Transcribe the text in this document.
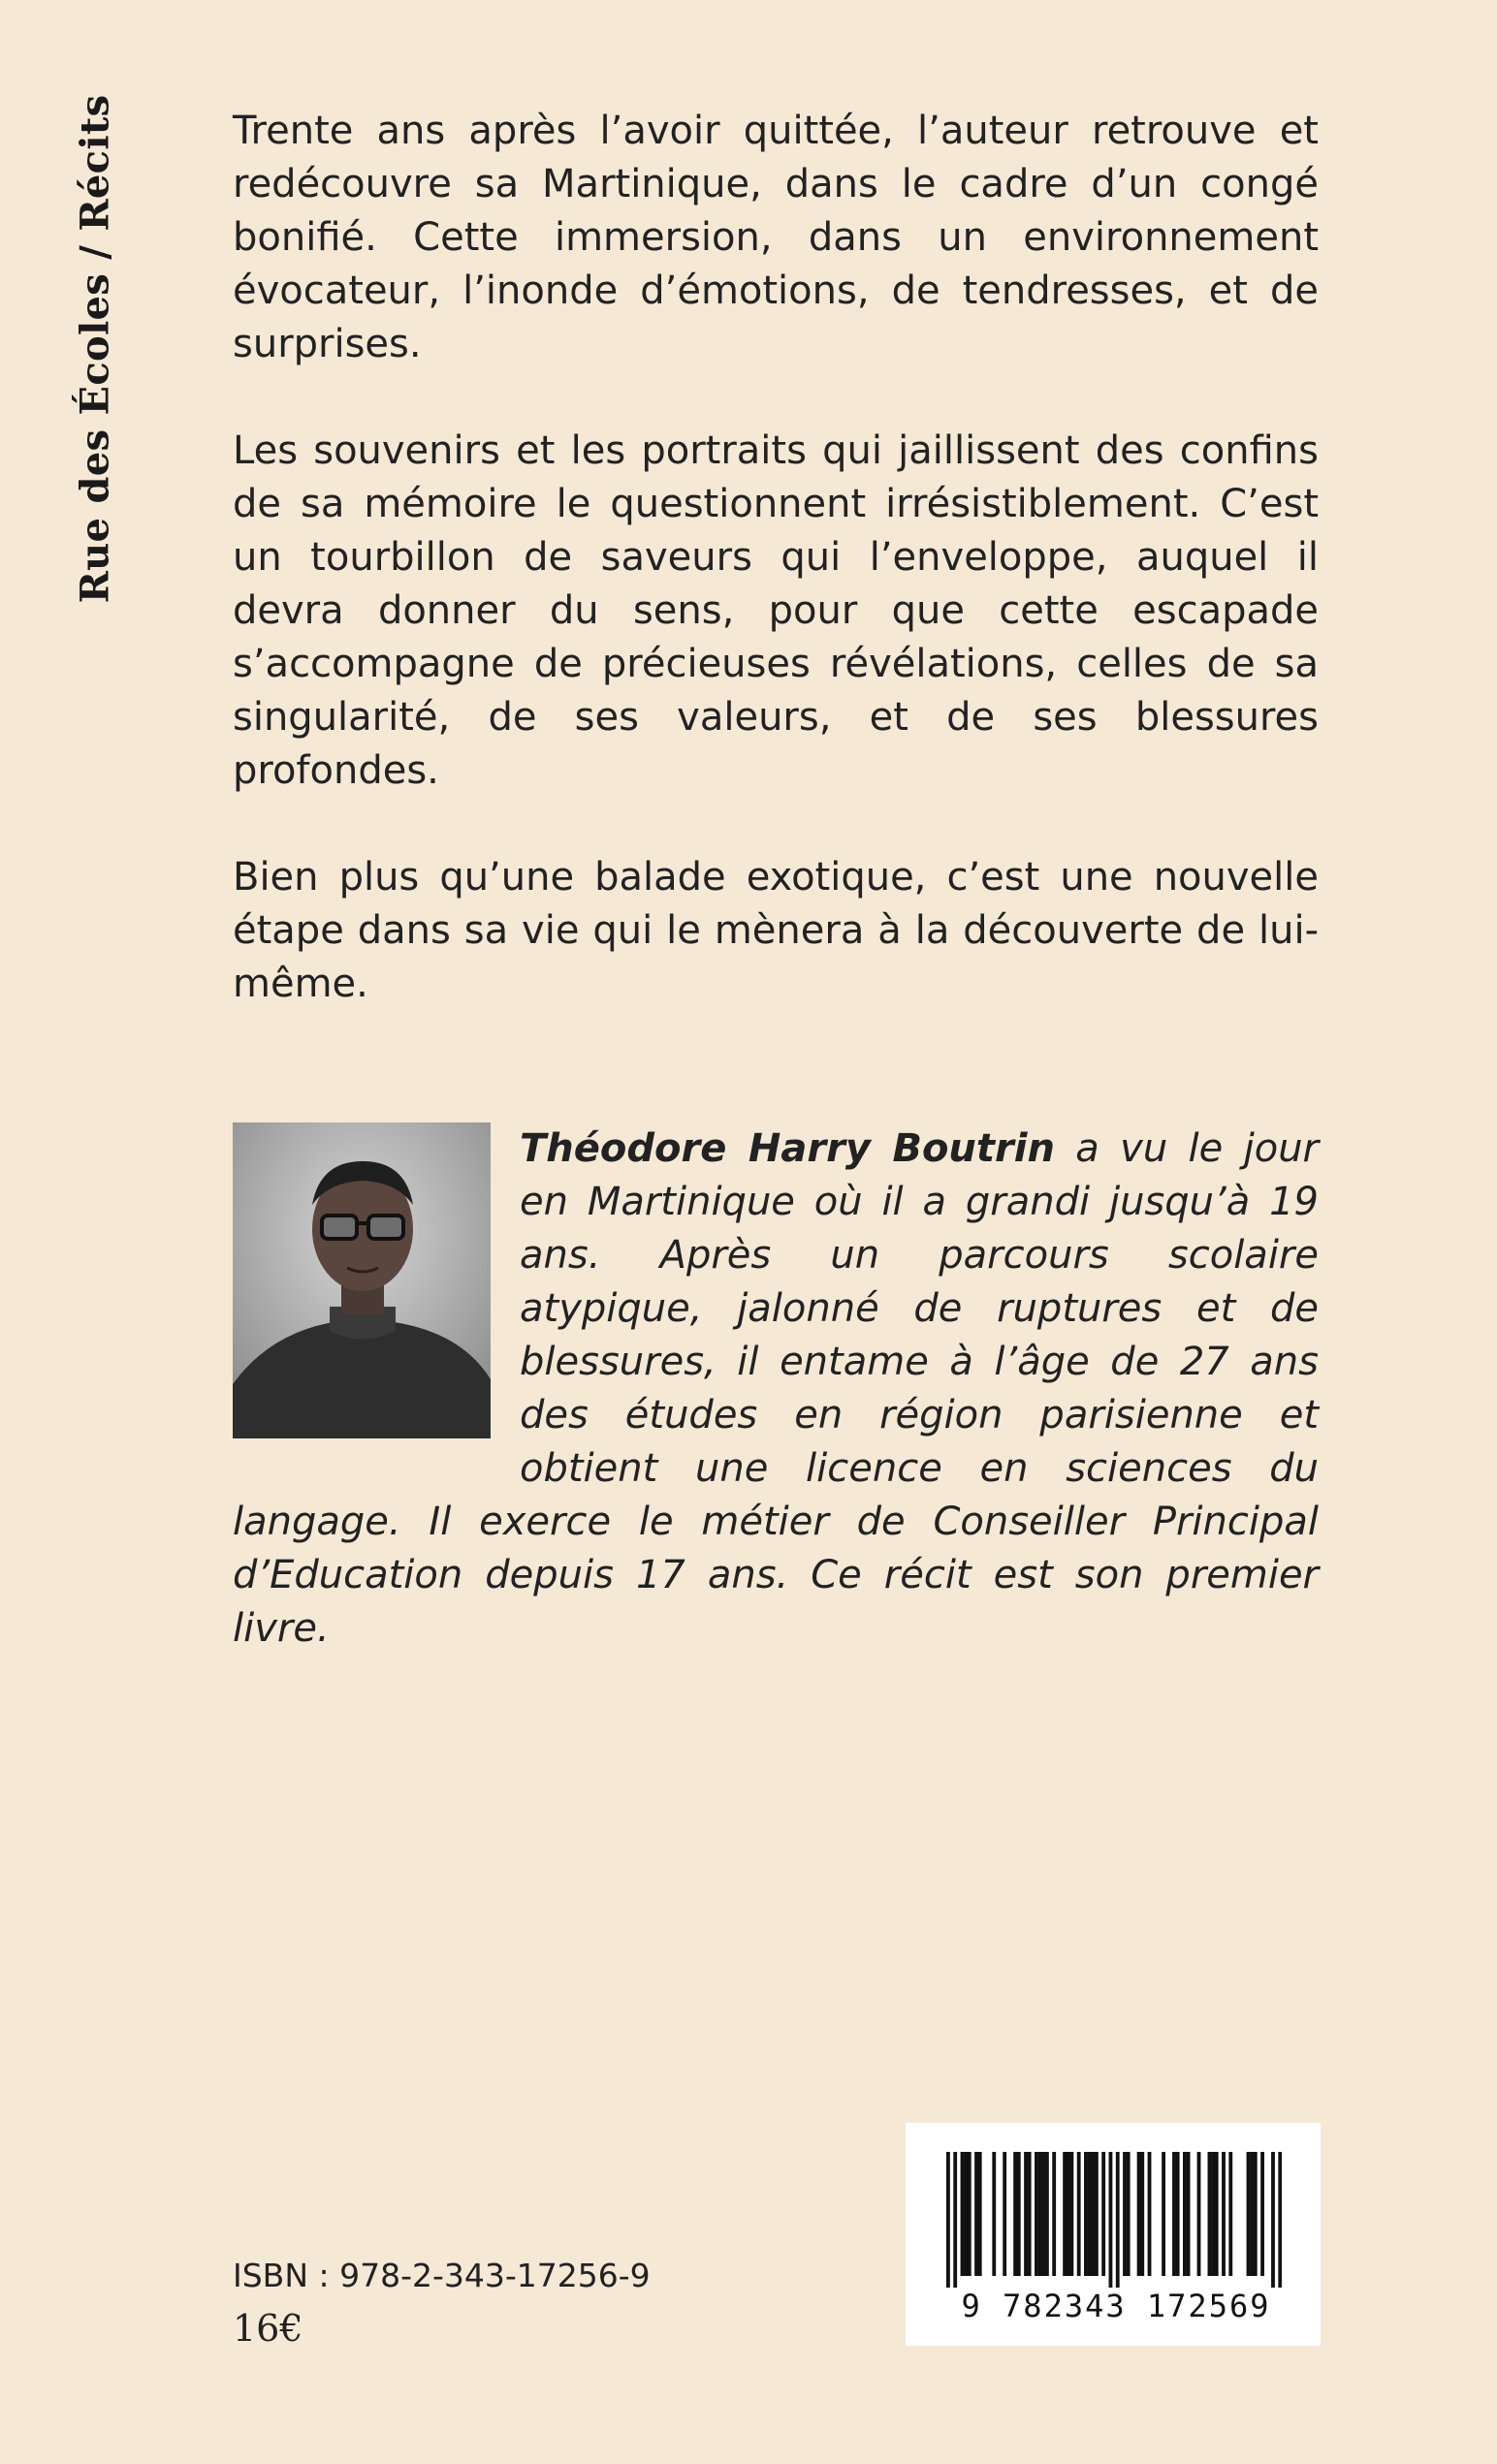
Rue des Écoles / Récits	Trente ans après l’avoir quittée, l’auteur retrouve et redécouvre sa Martinique, dans le cadre d’un congé bonifié. Cette immersion, dans un environnement évocateur, l’inonde d’émotions, de tendresses, et de surprises.

Les souvenirs et les portraits qui jaillissent des confins de sa mémoire le questionnent irrésistiblement. C’est un tourbillon de saveurs qui l’enveloppe, auquel il devra donner du sens, pour que cette escapade s’accompagne de précieuses révélations, celles de sa singularité, de ses valeurs, et de ses blessures profondes.

Bien plus qu’une balade exotique, c’est une nouvelle étape dans sa vie qui le mènera à la découverte de lui-même.

Théodore Harry Boutrin a vu le jour en Martinique où il a grandi jusqu’à 19 ans. Après un parcours scolaire atypique, jalonné de ruptures et de blessures, il entame à l’âge de 27 ans des études en région parisienne et obtient une licence en sciences du langage. Il exerce le métier de Conseiller Principal d’Education depuis 17 ans. Ce récit est son premier livre.
9 782343 172569
ISBN : 978-2-343-17256-9
16€
